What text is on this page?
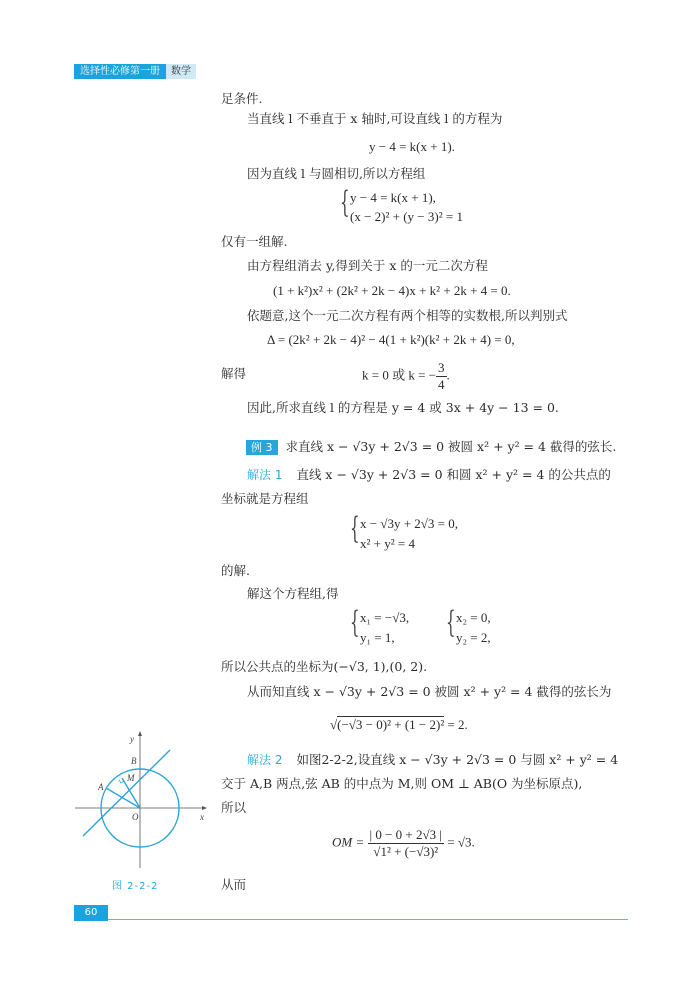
选择性必修第一册	数学
足条件.
当直线 l 不垂直于 x 轴时,可设直线 l 的方程为
y − 4 = k(x + 1).
因为直线 l 与圆相切,所以方程组
{ y − 4 = k(x + 1),
(x − 2)² + (y − 3)² = 1
仅有一组解.
由方程组消去 y,得到关于 x 的一元二次方程
(1 + k²)x² + (2k² + 2k − 4)x + k² + 2k + 4 = 0.
依题意,这个一元二次方程有两个相等的实数根,所以判别式
Δ = (2k² + 2k − 4)² − 4(1 + k²)(k² + 2k + 4) = 0,
解得	k = 0 或 k = − $\frac{3}{4}$ .
因此,所求直线 l 的方程是 y = 4 或 3x + 4y − 13 = 0.
例 3 求直线 x − √3y + 2√3 = 0 被圆 x² + y² = 4 截得的弦长.
解法 1 直线 x − √3y + 2√3 = 0 和圆 x² + y² = 4 的公共点的
坐标就是方程组
{ x − √3y + 2√3 = 0,
x² + y² = 4
的解.
解这个方程组,得
{ x₁ = −√3,
y₁ = 1, { x₂ = 0,
y₂ = 2,
所以公共点的坐标为(−√3, 1),(0, 2).
从而知直线 x − √3y + 2√3 = 0 被圆 x² + y² = 4 截得的弦长为
√(−√3 − 0)² + (1 − 2)² = 2.
解法 2 如图2-2-2,设直线 x − √3y + 2√3 = 0 与圆 x² + y² = 4
交于 A,B 两点,弦 AB 的中点为 M,则 OM ⊥ AB(O 为坐标原点),
所以
OM = $\frac{| 0 - 0 + 2√3 |}{\text{√1² + (−√3)²}} = √3$.
从而
y
x
O
A
B
M
图 2-2-2
60
